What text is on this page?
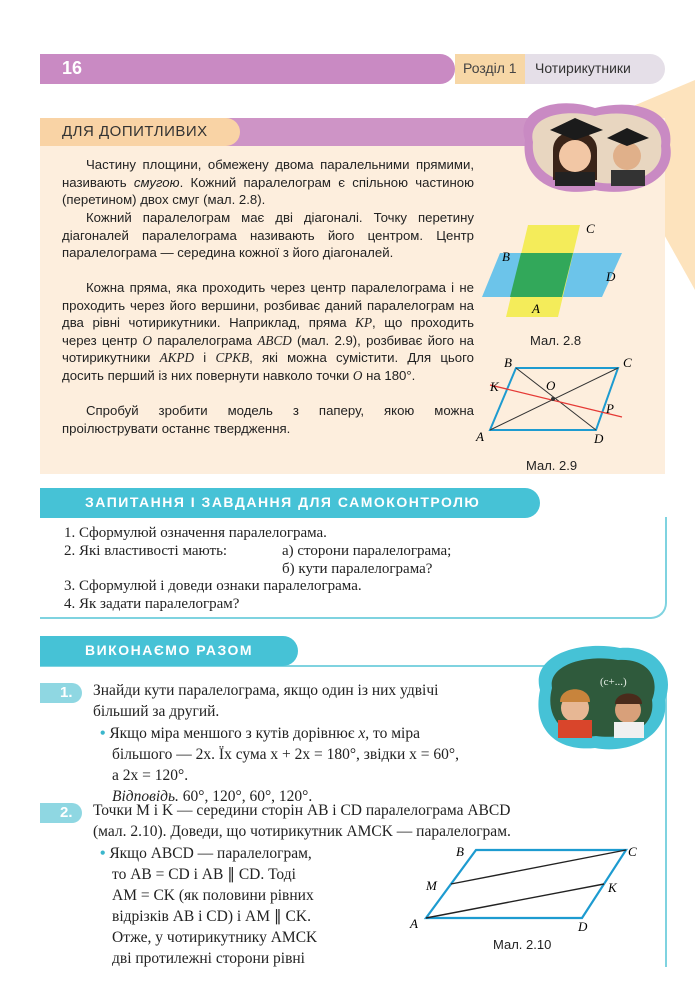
16	Розділ 1 Чотирикутники
ДЛЯ ДОПИТЛИВИХ

Частину площини, обмежену двома паралельними прямими, називають смугою. Кожний паралелограм є спільною частиною (перетином) двох смуг (мал. 2.8).

Кожний паралелограм має дві діагоналі. Точку перетину діагоналей паралелограма називають його центром. Центр паралелограма — середина кожної з його діагоналей.

Кожна пряма, яка проходить через центр паралелограма і не проходить через його вершини, розбиває даний паралелограм на два рівні чотирикутники. Наприклад, пряма KP, що проходить через центр O паралелограма ABCD (мал. 2.9), розбиває його на чотирикутники AKPD і CPKB, які можна сумістити. Для цього досить перший із них повернути навколо точки O на 180°.

Спробуй зробити модель з паперу, якою можна проілюструвати останнє твердження.

B
C
D
A
Мал. 2.8
B	C
K	O
P
A	D
Мал. 2.9
ЗАПИТАННЯ І ЗАВДАННЯ ДЛЯ САМОКОНТРОЛЮ
1. Сформулюй означення паралелограма.
2. Які властивості мають:	а) сторони паралелограма;
б) кути паралелограма?
3. Сформулюй і доведи ознаки паралелограма.
4. Як задати паралелограм?
ВИКОНАЄМО РАЗОМ
(c+...)
1. Знайди кути паралелограма, якщо один із них удвічі
більший за другий.
• Якщо міра меншого з кутів дорівнює x, то міра
більшого — 2x. Їх сума x + 2x = 180°, звідки x = 60°,
а 2x = 120°.
Відповідь. 60°, 120°, 60°, 120°.
2. Точки M і K — середини сторін AB і CD паралелограма ABCD
(мал. 2.10). Доведи, що чотирикутник AMCK — паралелограм.
• Якщо ABCD — паралелограм,
то AB = CD і AB ∥ CD. Тоді
AM = CK (як половини рівних
відрізків AB і CD) і AM ∥ CK.
Отже, у чотирикутнику AMCK
дві протилежні сторони рівні
B	C
M	K
A	D
Мал. 2.10
